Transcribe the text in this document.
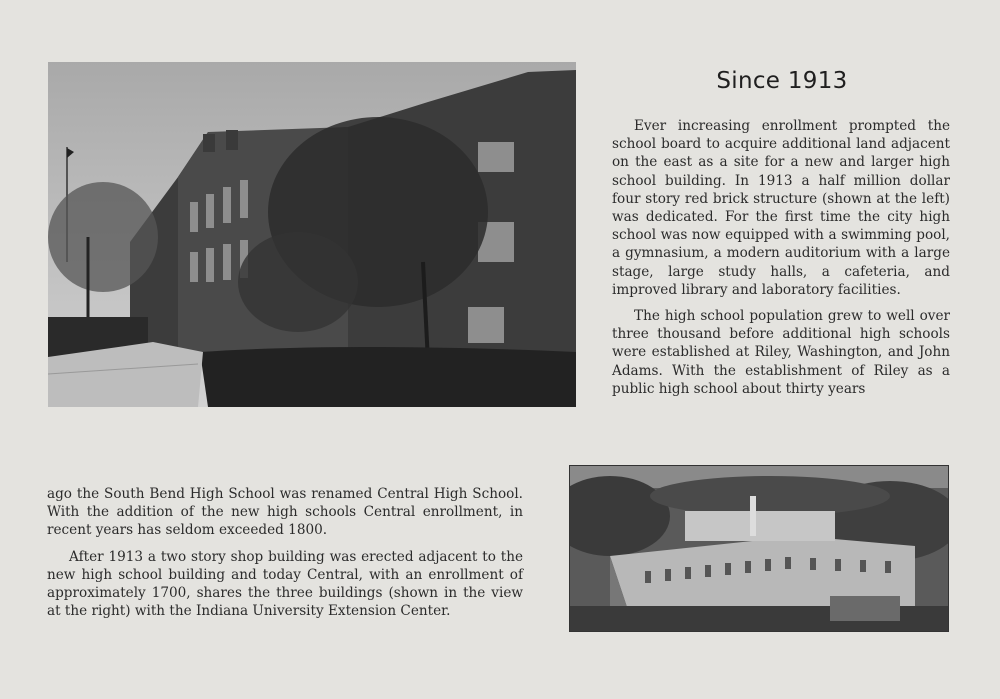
Since 1913

Ever increasing enrollment prompted the school board to acquire additional land adjacent on the east as a site for a new and larger high school building. In 1913 a half million dollar four story red brick structure (shown at the left) was dedicated. For the first time the city high school was now equipped with a swimming pool, a gymnasium, a modern auditorium with a large stage, large study halls, a cafeteria, and improved library and laboratory facilities.

The high school population grew to well over three thousand before additional high schools were established at Riley, Washington, and John Adams. With the establishment of Riley as a public high school about thirty years

ago the South Bend High School was renamed Central High School. With the addition of the new high schools Central enrollment, in recent years has seldom exceeded 1800.

After 1913 a two story shop building was erected adjacent to the new high school building and today Central, with an enrollment of approximately 1700, shares the three buildings (shown in the view at the right) with the Indiana University Extension Center.
